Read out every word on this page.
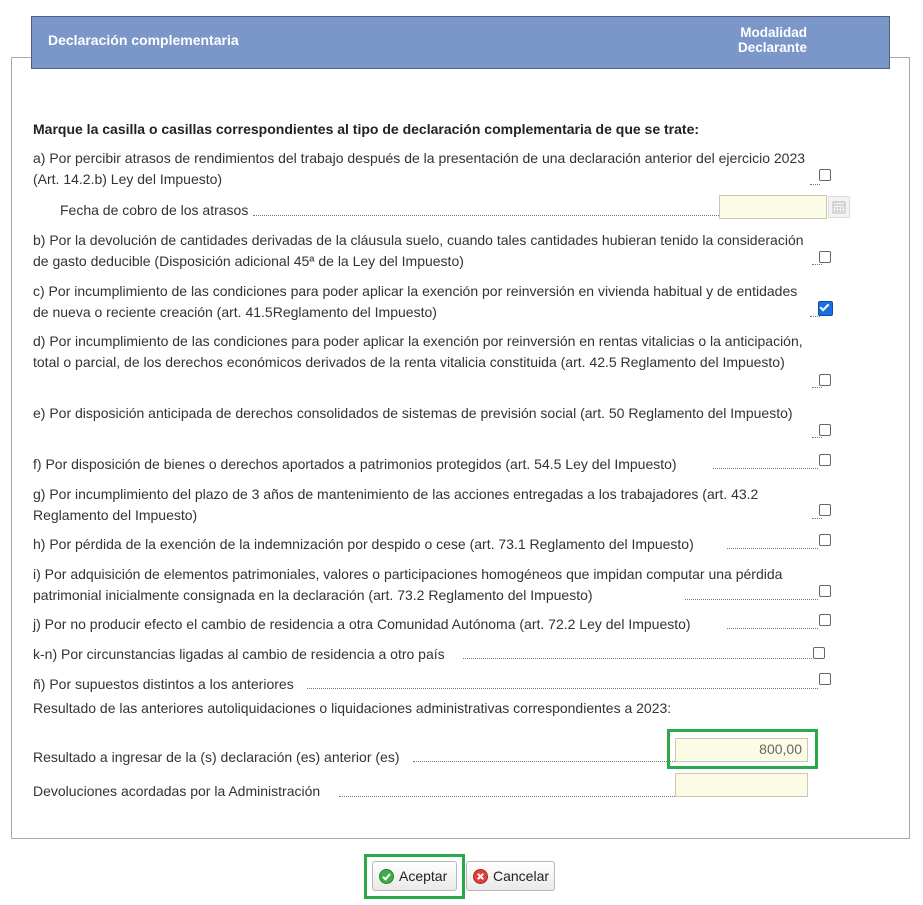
Declaración complementaria	Modalidad
Declarante
Marque la casilla o casillas correspondientes al tipo de declaración complementaria de que se trate:
a) Por percibir atrasos de rendimientos del trabajo después de la presentación de una declaración anterior del ejercicio 2023 (Art. 14.2.b) Ley del Impuesto)
Fecha de cobro de los atrasos
b) Por la devolución de cantidades derivadas de la cláusula suelo, cuando tales cantidades hubieran tenido la consideración de gasto deducible (Disposición adicional 45ª de la Ley del Impuesto)
c) Por incumplimiento de las condiciones para poder aplicar la exención por reinversión en vivienda habitual y de entidades de nueva o reciente creación (art. 41.5Reglamento del Impuesto)
d) Por incumplimiento de las condiciones para poder aplicar la exención por reinversión en rentas vitalicias o la anticipación, total o parcial, de los derechos económicos derivados de la renta vitalicia constituida (art. 42.5 Reglamento del Impuesto)
e) Por disposición anticipada de derechos consolidados de sistemas de previsión social (art. 50 Reglamento del Impuesto)
f) Por disposición de bienes o derechos aportados a patrimonios protegidos (art. 54.5 Ley del Impuesto)
g) Por incumplimiento del plazo de 3 años de mantenimiento de las acciones entregadas a los trabajadores (art. 43.2 Reglamento del Impuesto)
h) Por pérdida de la exención de la indemnización por despido o cese (art. 73.1 Reglamento del Impuesto)
i) Por adquisición de elementos patrimoniales, valores o participaciones homogéneos que impidan computar una pérdida patrimonial inicialmente consignada en la declaración (art. 73.2 Reglamento del Impuesto)
j) Por no producir efecto el cambio de residencia a otra Comunidad Autónoma (art. 72.2 Ley del Impuesto)
k-n) Por circunstancias ligadas al cambio de residencia a otro país
ñ) Por supuestos distintos a los anteriores
Resultado de las anteriores autoliquidaciones o liquidaciones administrativas correspondientes a 2023:
Resultado a ingresar de la (s) declaración (es) anterior (es)	800,00
Devoluciones acordadas por la Administración
Aceptar	Cancelar
